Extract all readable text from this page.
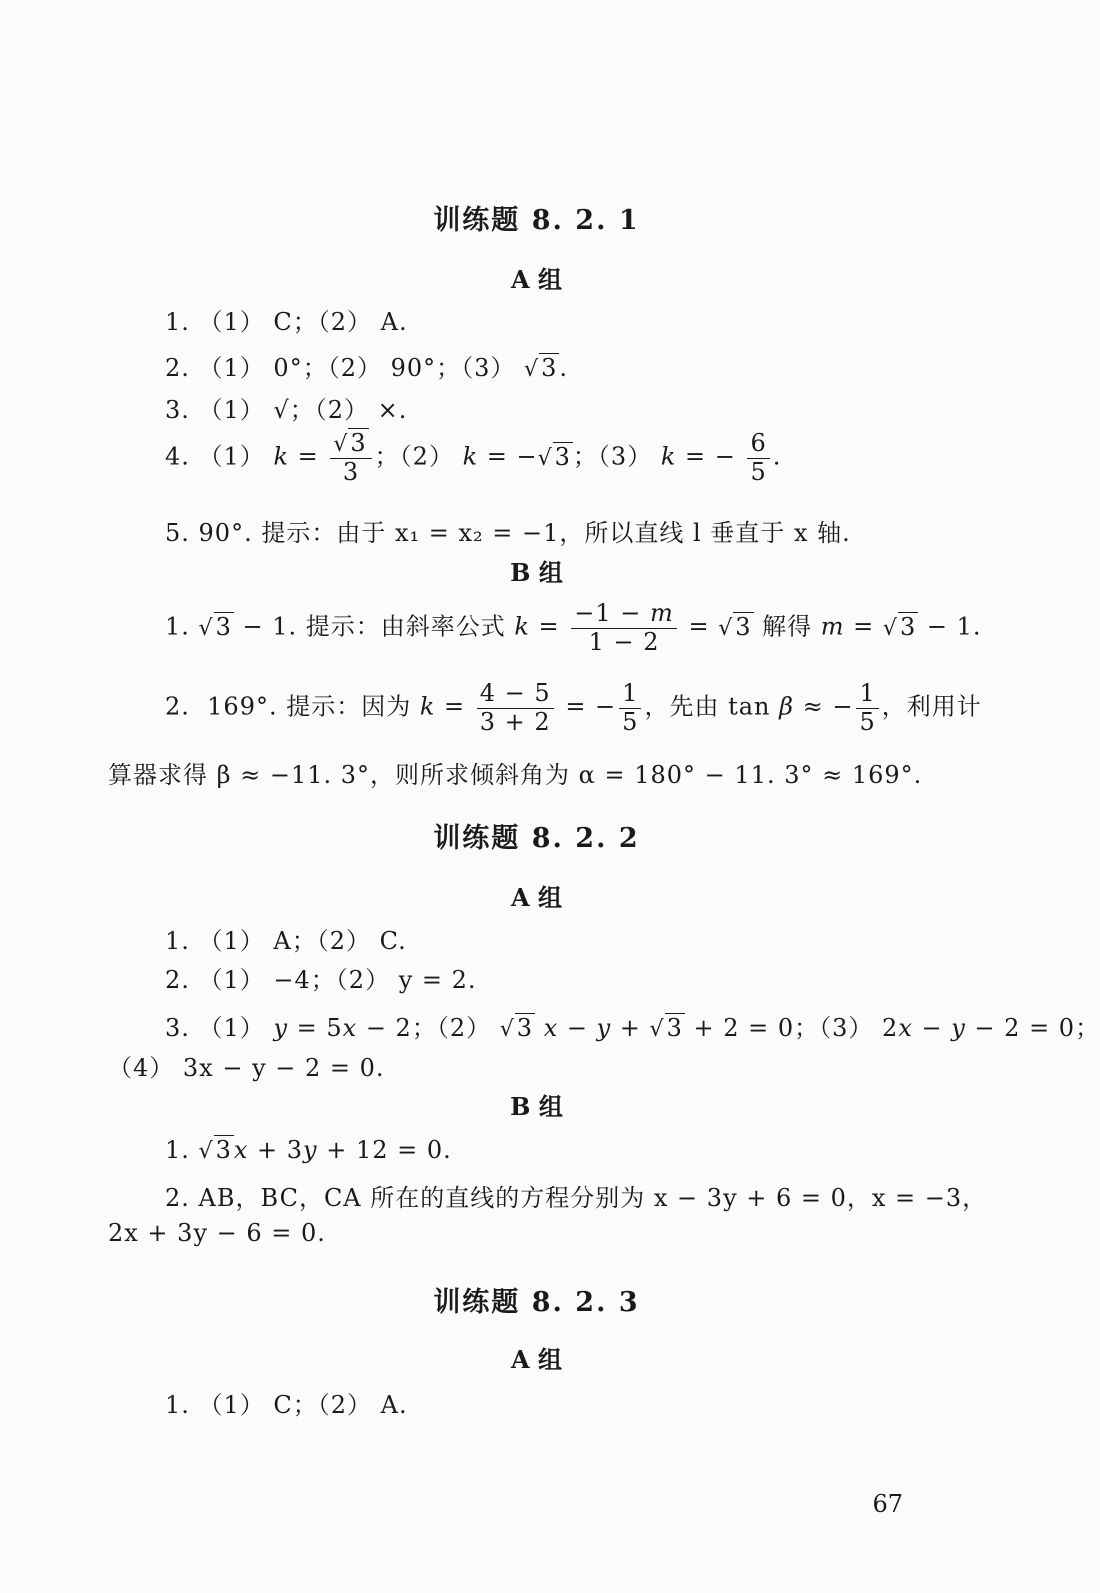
训练题 8. 2. 1
A 组
1. （1） C；（2） A.
2. （1） 0°；（2） 90°；（3） √3.
3. （1） √；（2） ×.
4. （1） $k = \frac{√3}{3}$ ；（2） k = −√3；（3） k = − $\frac{6}{5}$ .
5. 90°. 提示：由于 x₁ = x₂ = −1，所以直线 l 垂直于 x 轴.
B 组
1. √3 − 1. 提示：由斜率公式 $k = \frac{-1 - m}{1 - 2} = √3$ 解得 m = √3 − 1.
2.  169°. 提示：因为 $k = \frac{4 - 5}{3 + 2}$ = − $\frac{1}{5}$ ，先由 tan β ≈ − $\frac{1}{5}$ ，利用计
算器求得 β ≈ −11. 3°，则所求倾斜角为 α = 180° − 11. 3° ≈ 169°.
训练题 8. 2. 2
A 组
1. （1） A；（2） C.
2. （1） −4；（2） y = 2.
3. （1） y = 5x − 2；（2） √3 x − y + √3 + 2 = 0；（3） 2x − y − 2 = 0；
（4） 3x − y − 2 = 0.
B 组
1. √3x + 3y + 12 = 0.
2. AB，BC，CA 所在的直线的方程分别为 x − 3y + 6 = 0，x = −3，
2x + 3y − 6 = 0.
训练题 8. 2. 3
A 组
1. （1） C；（2） A.
67
